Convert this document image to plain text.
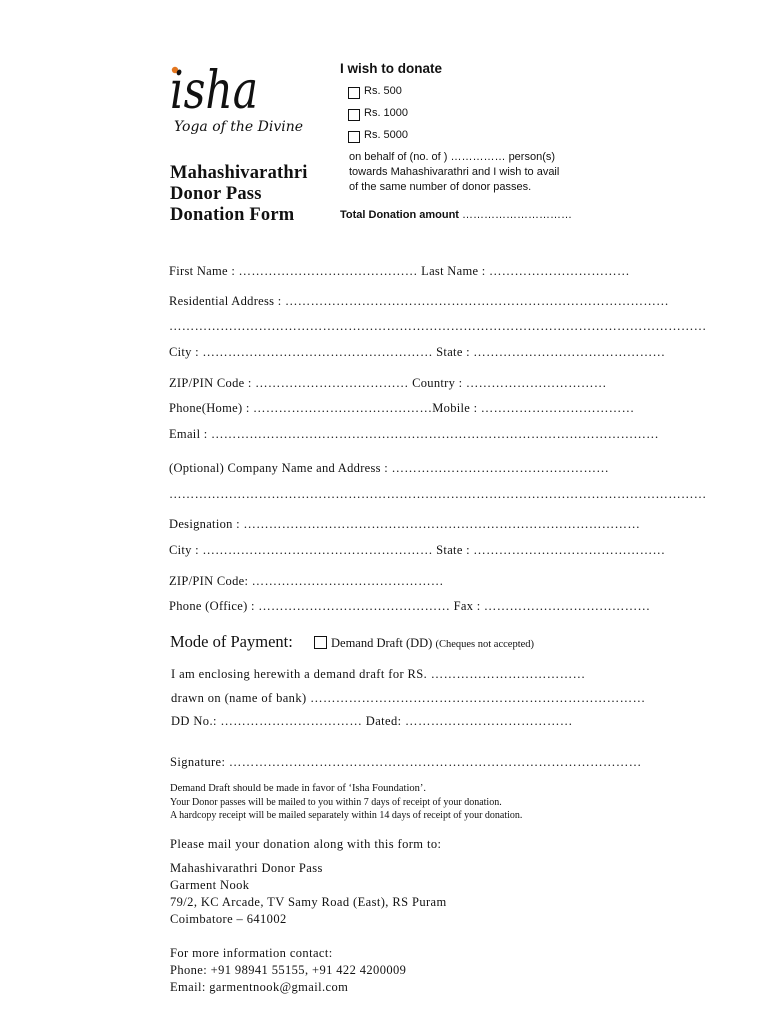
isha
Yoga of the Divine
Mahashivarathri
Donor Pass
Donation Form
I wish to donate
Rs. 500
Rs. 1000
Rs. 5000
on behalf of (no. of ) …………… person(s)
towards Mahashivarathri and I wish to avail
of the same number of donor passes.
Total Donation amount …………………………
First Name : …………………………………… Last Name : ……………………………
Residential Address : ………………………………………………………………………………
………………………………………………………………………………………………………………
City : ……………………………………………… State : ………………………………………
ZIP/PIN Code : ……………………………… Country : ……………………………
Phone(Home) : ……………………………………Mobile : ………………………………
Email : ……………………………………………………………………………………………
(Optional) Company Name and Address : ……………………………………………
………………………………………………………………………………………………………………
Designation : …………………………………………………………………………………
City : ……………………………………………… State : ………………………………………
ZIP/PIN Code: ………………………………………
Phone (Office) : ……………………………………… Fax : …………………………………
Mode of Payment:	Demand Draft (DD) (Cheques not accepted)
I am enclosing herewith a demand draft for RS. ………………………………
drawn on (name of bank) ……………………………………………………………………
DD No.: …………………………… Dated: …………………………………
Signature: ……………………………………………………………………………………
Demand Draft should be made in favor of ‘Isha Foundation’.
Your Donor passes will be mailed to you within 7 days of receipt of your donation.
A hardcopy receipt will be mailed separately within 14 days of receipt of your donation.
Please mail your donation along with this form to:
Mahashivarathri Donor Pass
Garment Nook
79/2, KC Arcade, TV Samy Road (East), RS Puram
Coimbatore – 641002
For more information contact:
Phone: +91 98941 55155, +91 422 4200009
Email: garmentnook@gmail.com
